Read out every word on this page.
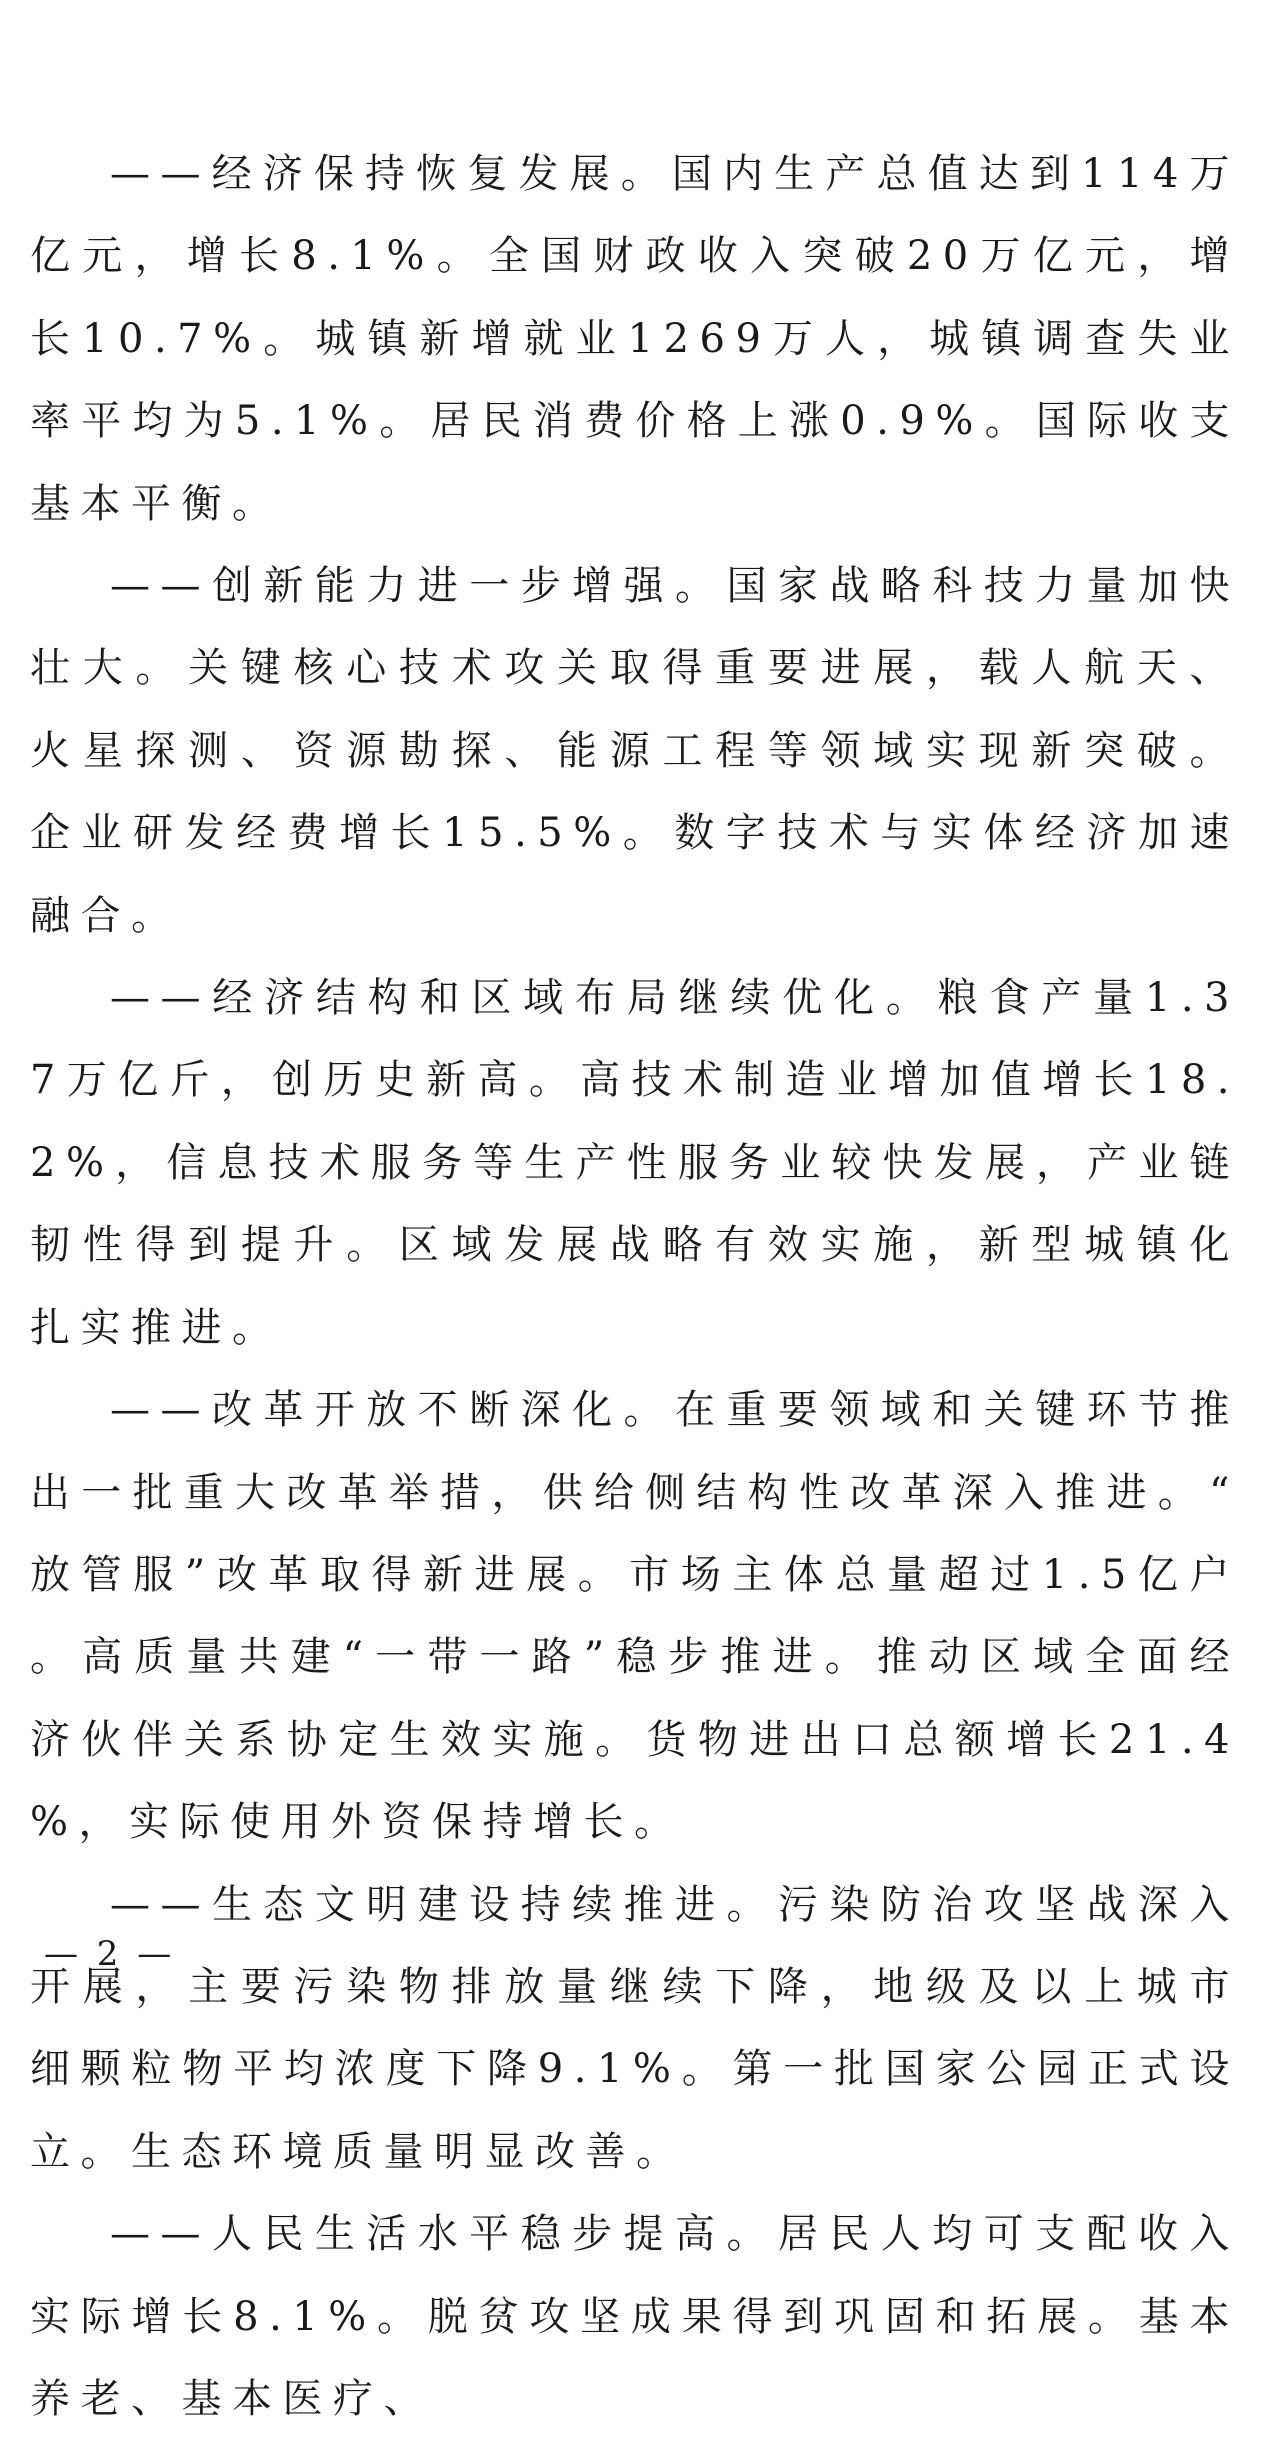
——经济保持恢复发展。国内生产总值达到114万亿元，增长8.1%。全国财政收入突破20万亿元，增长10.7%。城镇新增就业1269万人，城镇调查失业率平均为5.1%。居民消费价格上涨0.9%。国际收支基本平衡。

——创新能力进一步增强。国家战略科技力量加快壮大。关键核心技术攻关取得重要进展，载人航天、火星探测、资源勘探、能源工程等领域实现新突破。企业研发经费增长15.5%。数字技术与实体经济加速融合。

——经济结构和区域布局继续优化。粮食产量1.37万亿斤，创历史新高。高技术制造业增加值增长18.2%，信息技术服务等生产性服务业较快发展，产业链韧性得到提升。区域发展战略有效实施，新型城镇化扎实推进。

——改革开放不断深化。在重要领域和关键环节推出一批重大改革举措，供给侧结构性改革深入推进。“放管服”改革取得新进展。市场主体总量超过1.5亿户。高质量共建“一带一路”稳步推进。推动区域全面经济伙伴关系协定生效实施。货物进出口总额增长21.4%，实际使用外资保持增长。

——生态文明建设持续推进。污染防治攻坚战深入开展，主要污染物排放量继续下降，地级及以上城市细颗粒物平均浓度下降9.1%。第一批国家公园正式设立。生态环境质量明显改善。

——人民生活水平稳步提高。居民人均可支配收入实际增长8.1%。脱贫攻坚成果得到巩固和拓展。基本养老、基本医疗、

— 2 —
